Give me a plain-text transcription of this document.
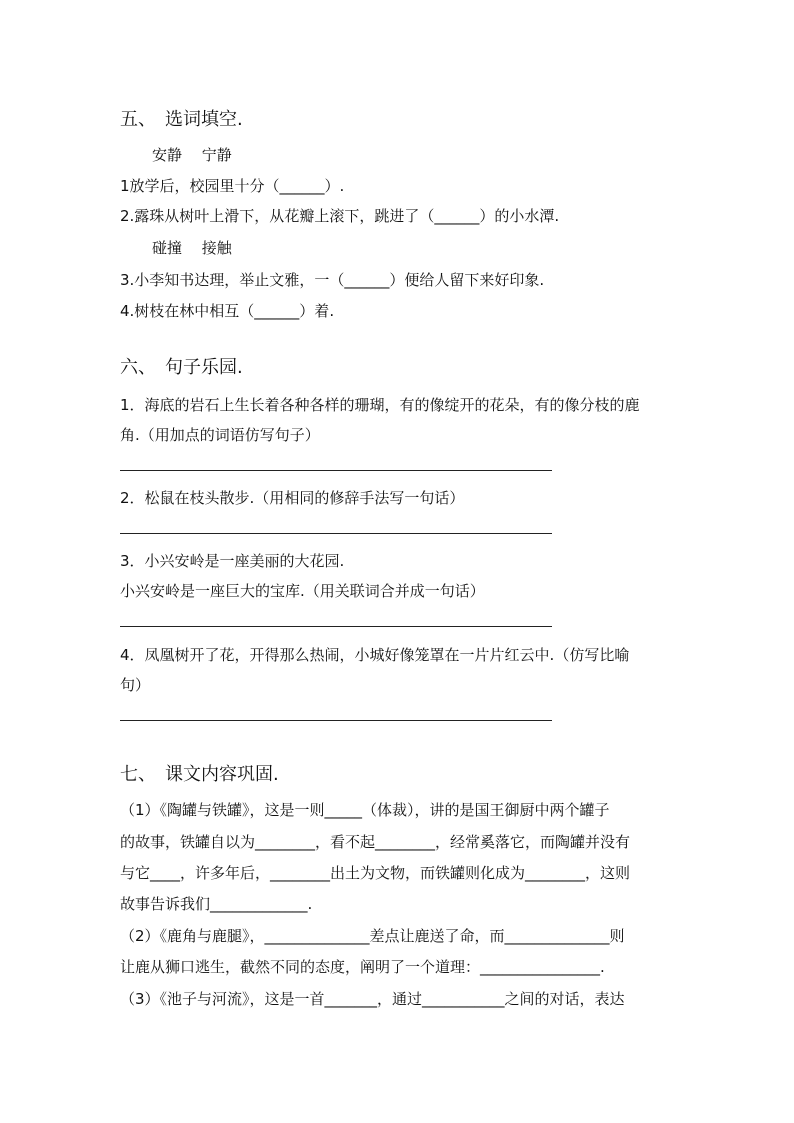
五、　选词填空.
安静　 宁静
1放学后，校园里十分（______）.
2.露珠从树叶上滑下，从花瓣上滚下，跳进了（______）的小水潭.
碰撞　 接触
3.小李知书达理，举止文雅，一（______）便给人留下来好印象.
4.树枝在林中相互（______）着.
六、　句子乐园.
1．海底的岩石上生长着各种各样的珊瑚，有的像绽开的花朵，有的像分枝的鹿
角.（用加点的词语仿写句子）
2．松鼠在枝头散步.（用相同的修辞手法写一句话）
3．小兴安岭是一座美丽的大花园.
小兴安岭是一座巨大的宝库.（用关联词合并成一句话）
4．凤凰树开了花，开得那么热闹，小城好像笼罩在一片片红云中.（仿写比喻
句）
七、　课文内容巩固.
（1）《陶罐与铁罐》，这是一则_____（体裁），讲的是国王御厨中两个罐子
的故事，铁罐自以为________，看不起________，经常奚落它，而陶罐并没有
与它____，许多年后，________出土为文物，而铁罐则化成为________，这则
故事告诉我们_____________.
（2）《鹿角与鹿腿》，______________差点让鹿送了命，而______________则
让鹿从狮口逃生，截然不同的态度，阐明了一个道理：________________.
（3）《池子与河流》，这是一首_______，通过___________之间的对话，表达
